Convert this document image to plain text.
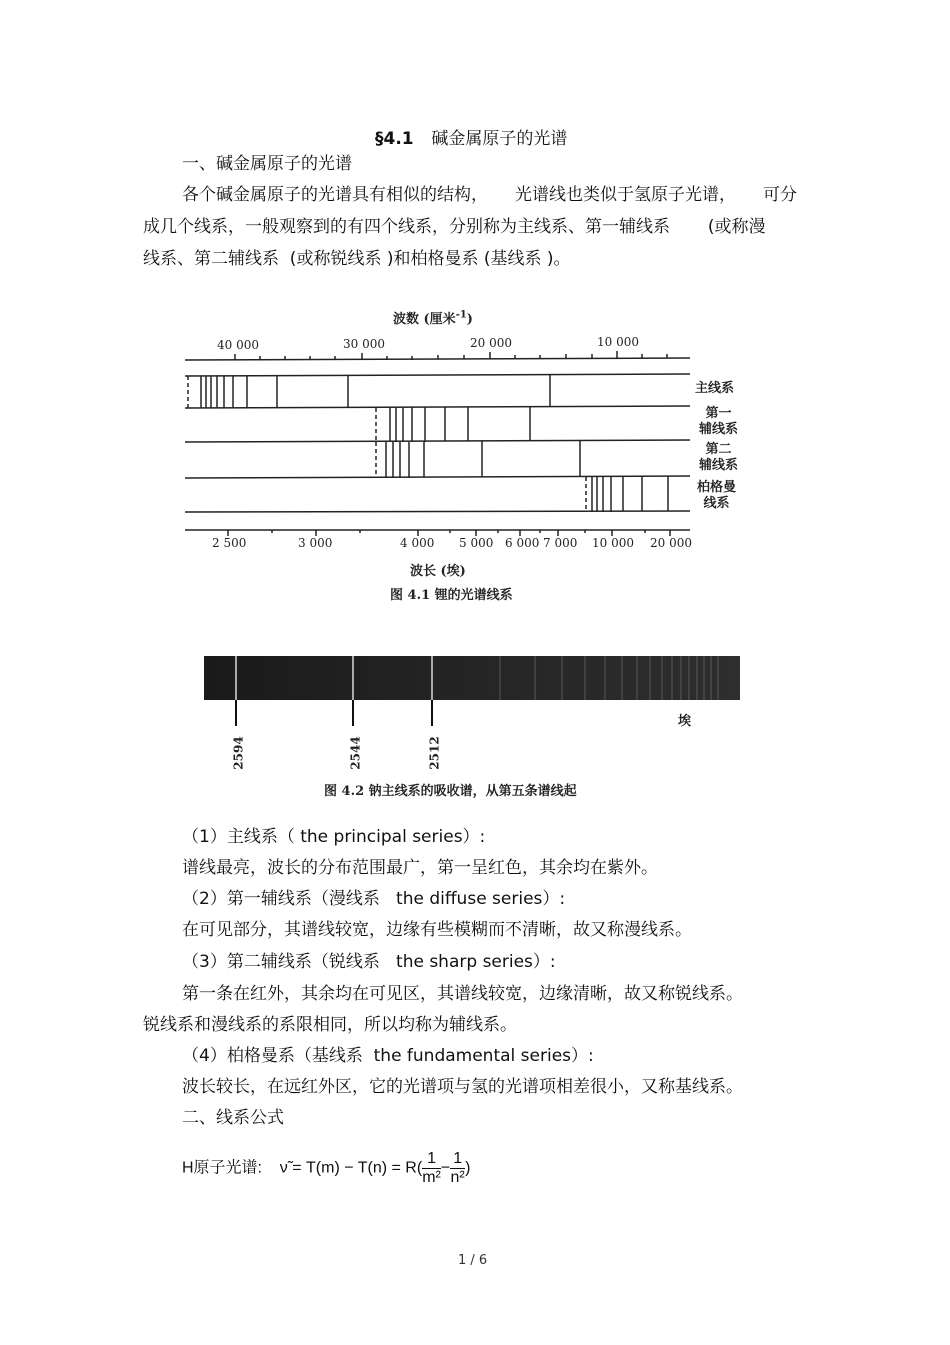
§4.1 碱金属原子的光谱
一、碱金属原子的光谱
各个碱金属原子的光谱具有相似的结构，     光谱线也类似于氢原子光谱，     可分
成几个线系，一般观察到的有四个线系，分别称为主线系、第一辅线系       (或称漫
线系、第二辅线系  (或称锐线系 )和柏格曼系 (基线系 )。
波数 (厘米$^{-1}$)
40 000	30 000	20 000	10 000
主线系
第一
辅线系
第二
辅线系
柏格曼
线系
2 500	3 000	4 000 5 000 6 000 7 000 10 000 20 000
波长 (埃)
图 4.1 锂的光谱线系
埃
2594	2544	2512
图 4.2 钠主线系的吸收谱，从第五条谱线起
（1）主线系（ the principal series）:
谱线最亮，波长的分布范围最广，第一呈红色，其余均在紫外。
（2）第一辅线系（漫线系   the diffuse series）:
在可见部分，其谱线较宽，边缘有些模糊而不清晰，故又称漫线系。
（3）第二辅线系（锐线系   the sharp series）:
第一条在红外，其余均在可见区，其谱线较宽，边缘清晰，故又称锐线系。
锐线系和漫线系的系限相同，所以均称为辅线系。
（4）柏格曼系（基线系  the fundamental series）:
波长较长，在远红外区，它的光谱项与氢的光谱项相差很小，又称基线系。
二、线系公式
H原子光谱: ν̃ = $T(m) - T(n) = R( \frac{1}{\text{m²}} - \frac{1}{\text{n²}}$ )
1 / 6
